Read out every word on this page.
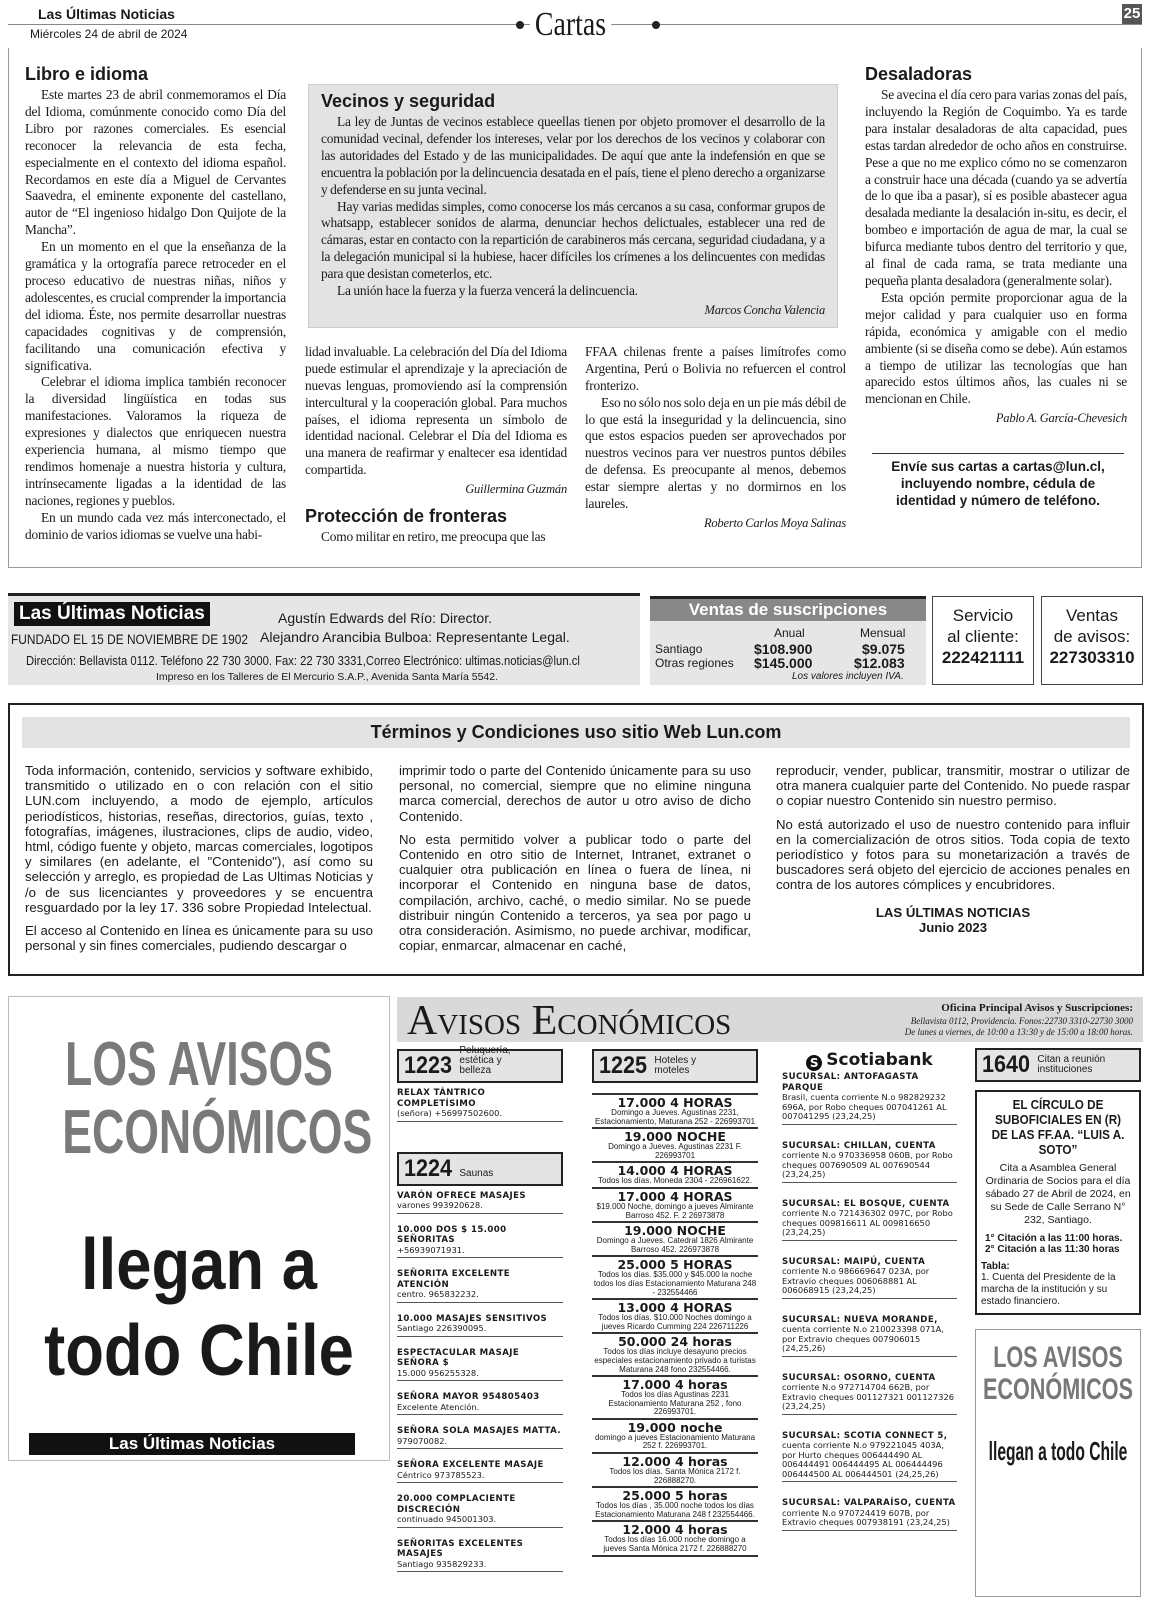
Las Últimas Noticias
Miércoles 24 de abril de 2024	Cartas	25
Libro e idioma

Este martes 23 de abril conmemoramos el Día del Idioma, comúnmente conocido como Día del Libro por razones comerciales. Es esencial reconocer la relevancia de esta fecha, especialmente en el contexto del idioma español. Recordamos en este día a Miguel de Cervantes Saavedra, el eminente exponente del castellano, autor de “El ingenioso hidalgo Don Quijote de la Mancha”.

En un momento en el que la enseñanza de la gramática y la ortografía parece retroceder en el proceso educativo de nuestras niñas, niños y adolescentes, es crucial comprender la importancia del idioma. Éste, nos permite desarrollar nuestras capacidades cognitivas y de comprensión, facilitando una comunicación efectiva y significativa.

Celebrar el idioma implica también reconocer la diversidad lingüística en todas sus manifestaciones. Valoramos la riqueza de expresiones y dialectos que enriquecen nuestra experiencia humana, al mismo tiempo que rendimos homenaje a nuestra historia y cultura, intrínsecamente ligadas a la identidad de las naciones, regiones y pueblos.

En un mundo cada vez más interconectado, el dominio de varios idiomas se vuelve una habi-

Vecinos y seguridad

La ley de Juntas de vecinos establece queellas tienen por objeto promover el desarrollo de la comunidad vecinal, defender los intereses, velar por los derechos de los vecinos y colaborar con las autoridades del Estado y de las municipalidades. De aquí que ante la indefensión en que se encuentra la población por la delincuencia desatada en el país, tiene el pleno derecho a organizarse y defenderse en su junta vecinal.

Hay varias medidas simples, como conocerse los más cercanos a su casa, conformar grupos de whatsapp, establecer sonidos de alarma, denunciar hechos delictuales, establecer una red de cámaras, estar en contacto con la repartición de carabineros más cercana, seguridad ciudadana, y a la delegación municipal si la hubiese, hacer difíciles los crímenes a los delincuentes con medidas para que desistan cometerlos, etc.

La unión hace la fuerza y la fuerza vencerá la delincuencia.

Marcos Concha Valencia

lidad invaluable. La celebración del Día del Idioma puede estimular el aprendizaje y la apreciación de nuevas lenguas, promoviendo así la comprensión intercultural y la cooperación global. Para muchos países, el idioma representa un símbolo de identidad nacional. Celebrar el Día del Idioma es una manera de reafirmar y enaltecer esa identidad compartida.

Guillermina Guzmán

Protección de fronteras

Como militar en retiro, me preocupa que las

FFAA chilenas frente a países limítrofes como Argentina, Perú o Bolivia no refuercen el control fronterizo.

Eso no sólo nos solo deja en un pie más débil de lo que está la inseguridad y la delincuencia, sino que estos espacios pueden ser aprovechados por nuestros vecinos para ver nuestros puntos débiles de defensa. Es preocupante al menos, debemos estar siempre alertas y no dormirnos en los laureles.

Roberto Carlos Moya Salinas

Desaladoras

Se avecina el día cero para varias zonas del país, incluyendo la Región de Coquimbo. Ya es tarde para instalar desaladoras de alta capacidad, pues estas tardan alrededor de ocho años en construirse. Pese a que no me explico cómo no se comenzaron a construir hace una década (cuando ya se advertía de lo que iba a pasar), sí es posible abastecer agua desalada mediante la desalación in-situ, es decir, el bombeo e importación de agua de mar, la cual se bifurca mediante tubos dentro del territorio y que, al final de cada rama, se trata mediante una pequeña planta desaladora (generalmente solar).

Esta opción permite proporcionar agua de la mejor calidad y para cualquier uso en forma rápida, económica y amigable con el medio ambiente (si se diseña como se debe). Aún estamos a tiempo de utilizar las tecnologías que han aparecido estos últimos años, las cuales ni se mencionan en Chile.

Pablo A. García-Chevesich

Envíe sus cartas a cartas@lun.cl, incluyendo nombre, cédula de identidad y número de teléfono.
Las Últimas Noticias
FUNDADO EL 15 DE NOVIEMBRE DE 1902
Agustín Edwards del Río: Director.
Alejandro Arancibia Bulboa: Representante Legal.
Dirección: Bellavista 0112. Teléfono 22 730 3000. Fax: 22 730 3331,Correo Electrónico: ultimas.noticias@lun.cl
Impreso en los Talleres de El Mercurio S.A.P., Avenida Santa María 5542.
Ventas de suscripciones
Anual	Mensual
Santiago	$108.900	$9.075
Otras regiones $145.000	$12.083
Los valores incluyen IVA.
Servicio
al cliente:
222421111
Ventas
de avisos:
227303310
Términos y Condiciones uso sitio Web Lun.com

Toda información, contenido, servicios y software exhibido, transmitido o utilizado en o con relación con el sitio LUN.com incluyendo, a modo de ejemplo, artículos periodísticos, historias, reseñas, directorios, guías, texto , fotografías, imágenes, ilustraciones, clips de audio, video, html, código fuente y objeto, marcas comerciales, logotipos y similares (en adelante, el "Contenido"), así como su selección y arreglo, es propiedad de Las Ultimas Noticias y /o de sus licenciantes y proveedores y se encuentra resguardado por la ley 17. 336 sobre Propiedad Intelectual.

El acceso al Contenido en línea es únicamente para su uso personal y sin fines comerciales, pudiendo descargar o

imprimir todo o parte del Contenido únicamente para su uso personal, no comercial, siempre que no elimine ninguna marca comercial, derechos de autor u otro aviso de dicho Contenido.

No esta permitido volver a publicar todo o parte del Contenido en otro sitio de Internet, Intranet, extranet o cualquier otra publicación en línea o fuera de línea, ni incorporar el Contenido en ninguna base de datos, compilación, archivo, caché, o medio similar. No se puede distribuir ningún Contenido a terceros, ya sea por pago u otra consideración. Asimismo, no puede archivar, modificar, copiar, enmarcar, almacenar en caché,

reproducir, vender, publicar, transmitir, mostrar o utilizar de otra manera cualquier parte del Contenido. No puede raspar o copiar nuestro Contenido sin nuestro permiso.

No está autorizado el uso de nuestro contenido para influir en la comercialización de otros sitios. Toda copia de texto periodístico y fotos para su monetarización a través de buscadores será objeto del ejercicio de acciones penales en contra de los autores cómplices y encubridores.

LAS ÚLTIMAS NOTICIAS
Junio 2023
LOS AVISOS
ECONÓMICOS
llegan a
todo Chile
Las Últimas Noticias
Avisos Económicos	Oficina Principal Avisos y Suscripciones:
Bellavista 0112, Providencia. Fonos:22730 3310-22730 3000
De lunes a viernes, de 10:00 a 13:30 y de 15:00 a 18:00 horas.
1223
Peluquería, estética y belleza
RELAX TÁNTRICO COMPLETÍSIMO
(señora) +56997502600.
1224 Saunas
VARÓN OFRECE MASAJES
varones 993920628.
10.000 DOS $ 15.000 SEÑORITAS
+56939071931.
SEÑORITA EXCELENTE ATENCIÓN
centro. 965832232.
10.000 MASAJES SENSITIVOS
Santiago 226390095.
ESPECTACULAR MASAJE SEÑORA $
15.000 956255328.
SEÑORA MAYOR 954805403
Excelente Atención.
SEÑORA SOLA MASAJES MATTA.
979070082.
SEÑORA EXCELENTE MASAJE
Céntrico 973785523.
20.000 COMPLACIENTE DISCRECIÓN
continuado 945001303.
SEÑORITAS EXCELENTES MASAJES
Santiago 935829233.
1225 Hoteles y moteles
17.000 4 HORAS
Domingo a Jueves. Agustinas 2231, Estacionamiento, Maturana 252 - 226993701
19.000 NOCHE
Domingo a Jueves. Agustinas 2231 F. 226993701
14.000 4 HORAS
Todos los días. Moneda 2304 - 226961622.
17.000 4 HORAS
$19.000 Noche, domingo a jueves Almirante Barroso 452. F. 2 26973878
19.000 NOCHE
Domingo a Jueves. Catedral 1826 Almirante Barroso 452. 226973878
25.000 5 HORAS
Todos los días. $35.000 y $45.000 la noche todos los días Estacionamiento Maturana 248 - 232554466
13.000 4 HORAS
Todos los días. $10.000 Noches domingo a jueves Ricardo Cumming 224 226711226
50.000 24 horas
Todos los días incluye desayuno precios especiales estacionamiento privado a turistas Maturana 248 fono 232554466.
17.000 4 horas
Todos los días Agustinas 2231 Estacionamiento Maturana 252 , fono 226993701.
19.000 noche
domingo a jueves Estacionamiento Maturana 252 f. 226993701.
12.000 4 horas
Todos los días. Santa Mónica 2172 f. 226888270.
25.000 5 horas
Todos los días , 35.000 noche todos los días Estacionamiento Maturana 248 f 232554466.
12.000 4 horas
Todos los días 16.000 noche domingo a jueves Santa Mónica 2172 f. 226888270
S Scotiabank
SUCURSAL: ANTOFAGASTA PARQUE
Brasil, cuenta corriente N.o 982829232 696A, por Robo cheques 007041261 AL 007041295 (23,24,25)
SUCURSAL: CHILLAN, CUENTA
corriente N.o 970336958 060B, por Robo cheques 007690509 AL 007690544 (23,24,25)
SUCURSAL: EL BOSQUE, CUENTA
corriente N.o 721436302 097C, por Robo cheques 009816611 AL 009816650 (23,24,25)
SUCURSAL: MAIPÚ, CUENTA
corriente N.o 986669647 023A, por Extravio cheques 006068881 AL 006068915 (23,24,25)
SUCURSAL: NUEVA MORANDE,
cuenta corriente N.o 210023398 071A, por Extravio cheques 007906015 (24,25,26)
SUCURSAL: OSORNO, CUENTA
corriente N.o 972714704 662B, por Extravio cheques 001127321 001127326 (23,24,25)
SUCURSAL: SCOTIA CONNECT 5,
cuenta corriente N.o 979221045 403A, por Hurto cheques 006444490 AL 006444491 006444495 AL 006444496 006444500 AL 006444501 (24,25,26)
SUCURSAL: VALPARAÍSO, CUENTA
corriente N.o 970724419 607B, por Extravio cheques 007938191 (23,24,25)
1640 Citan a reunión instituciones
EL CÍRCULO DE SUBOFICIALES EN (R) DE LAS FF.AA. “LUIS A. SOTO”
Cita a Asamblea General Ordinaria de Socios para el día sábado 27 de Abril de 2024, en su Sede de Calle Serrano N° 232, Santiago.
1° Citación a las 11:00 horas.
2° Citación a las 11:30 horas
Tabla:
1. Cuenta del Presidente de la marcha de la institución y su estado financiero.
LOS AVISOS
ECONÓMICOS
llegan a todo Chile
